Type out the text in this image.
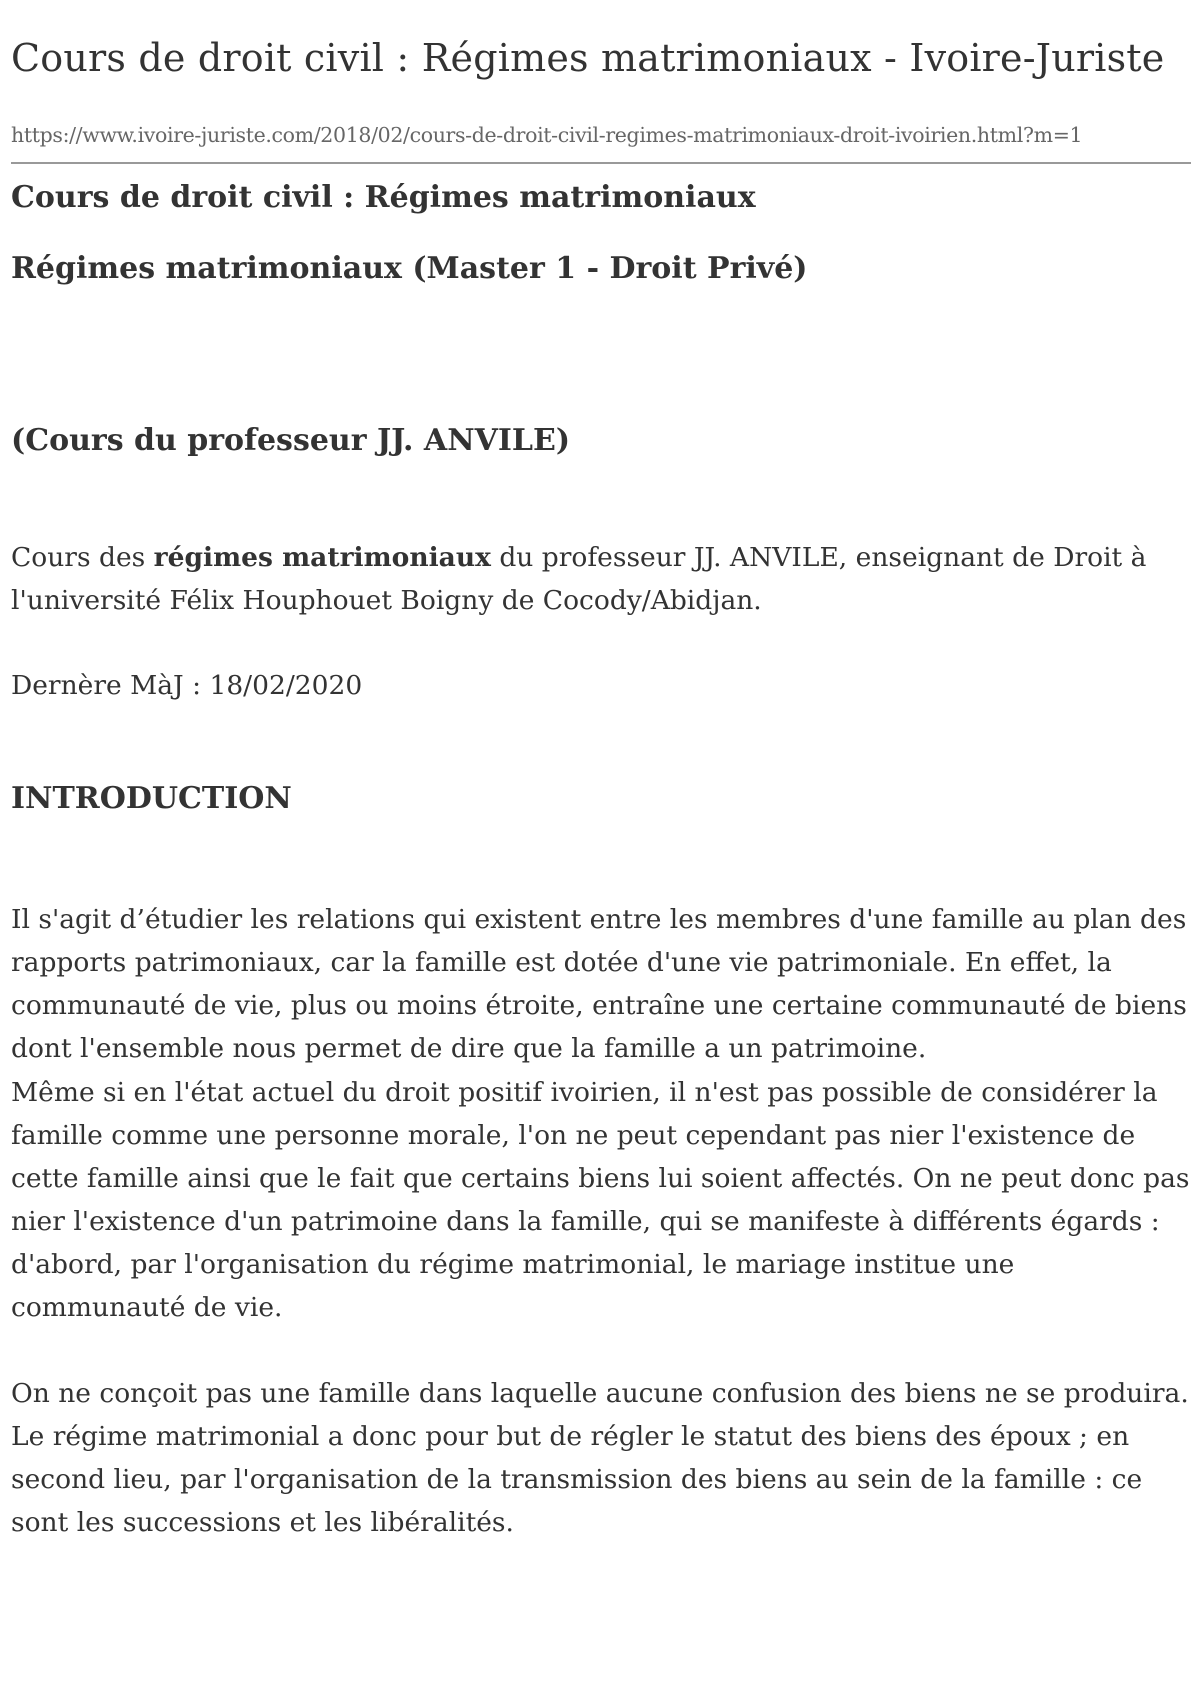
Cours de droit civil : Régimes matrimoniaux - Ivoire-Juriste
https://www.ivoire-juriste.com/2018/02/cours-de-droit-civil-regimes-matrimoniaux-droit-ivoirien.html?m=1
Cours de droit civil : Régimes matrimoniaux
Régimes matrimoniaux (Master 1 - Droit Privé)
(Cours du professeur JJ. ANVILE)

Cours des régimes matrimoniaux du professeur JJ. ANVILE, enseignant de Droit à l'université Félix Houphouet Boigny de Cocody/Abidjan.

Dernère MàJ : 18/02/2020

INTRODUCTION

Il s'agit d’étudier les relations qui existent entre les membres d'une famille au plan des rapports patrimoniaux, car la famille est dotée d'une vie patrimoniale. En effet, la communauté de vie, plus ou moins étroite, entraîne une certaine communauté de biens dont l'ensemble nous permet de dire que la famille a un patrimoine.

Même si en l'état actuel du droit positif ivoirien, il n'est pas possible de considérer la famille comme une personne morale, l'on ne peut cependant pas nier l'existence de cette famille ainsi que le fait que certains biens lui soient affectés. On ne peut donc pas nier l'existence d'un patrimoine dans la famille, qui se manifeste à différents égards : d'abord, par l'organisation du régime matrimonial, le mariage institue une communauté de vie.

On ne conçoit pas une famille dans laquelle aucune confusion des biens ne se produira. Le régime matrimonial a donc pour but de régler le statut des biens des époux ; en second lieu, par l'organisation de la transmission des biens au sein de la famille : ce sont les successions et les libéralités.
